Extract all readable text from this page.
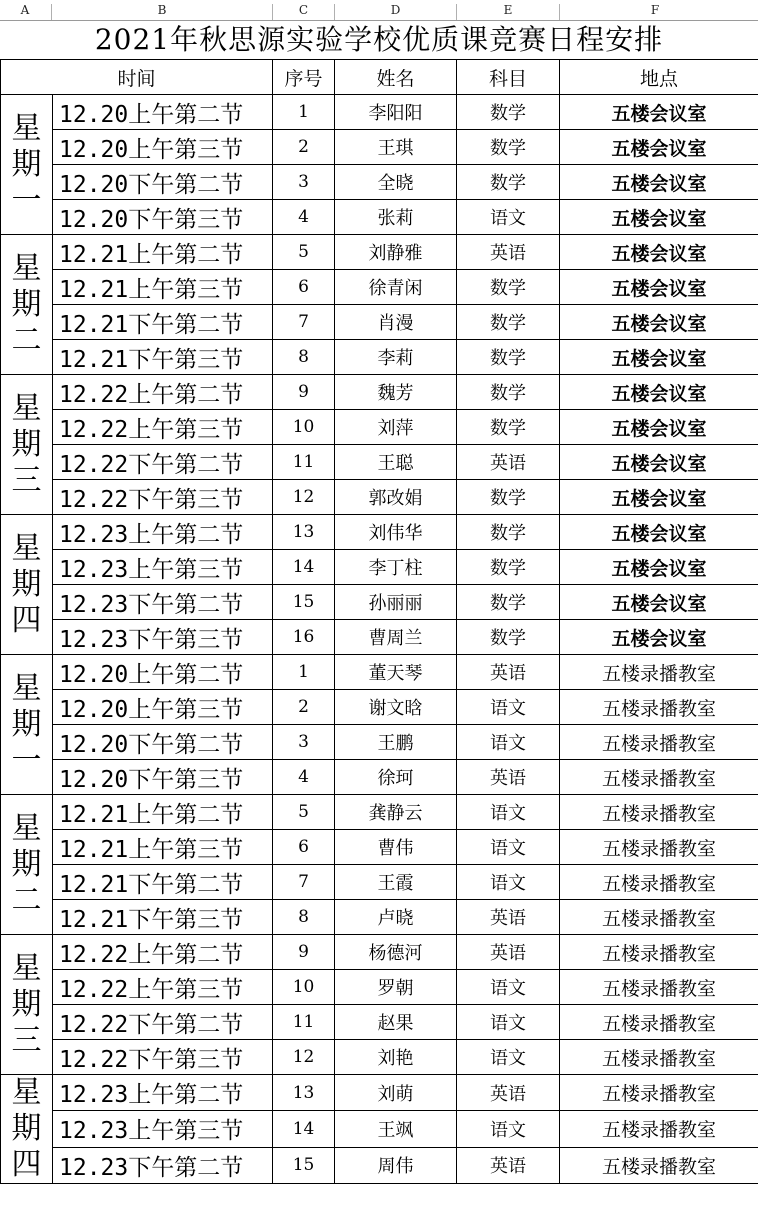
A	B	C	D	E	F
2021年秋思源实验学校优质课竞赛日程安排
时间		序号	姓名	科目	地点

星
期
一	12.20上午第二节	1	李阳阳	数学	五楼会议室
	12.20上午第三节	2	王琪	数学	五楼会议室
	12.20下午第二节	3	全晓	数学	五楼会议室
	12.20下午第三节	4	张莉	语文	五楼会议室

星
期
二	12.21上午第二节	5	刘静雅	英语	五楼会议室
	12.21上午第三节	6	徐青闲	数学	五楼会议室
	12.21下午第二节	7	肖漫	数学	五楼会议室
	12.21下午第三节	8	李莉	数学	五楼会议室

星
期
三	12.22上午第二节	9	魏芳	数学	五楼会议室
	12.22上午第三节	10	刘萍	数学	五楼会议室
	12.22下午第二节	11	王聪	英语	五楼会议室
	12.22下午第三节	12	郭改娟	数学	五楼会议室

星
期
四	12.23上午第二节	13	刘伟华	数学	五楼会议室
	12.23上午第三节	14	李丁柱	数学	五楼会议室
	12.23下午第二节	15	孙丽丽	数学	五楼会议室
	12.23下午第三节	16	曹周兰	数学	五楼会议室

星
期
一	12.20上午第二节	1	董天琴	英语	五楼录播教室
	12.20上午第三节	2	谢文晗	语文	五楼录播教室
	12.20下午第二节	3	王鹏	语文	五楼录播教室
	12.20下午第三节	4	徐珂	英语	五楼录播教室

星
期
二	12.21上午第二节	5	龚静云	语文	五楼录播教室
	12.21上午第三节	6	曹伟	语文	五楼录播教室
	12.21下午第二节	7	王霞	语文	五楼录播教室
	12.21下午第三节	8	卢晓	英语	五楼录播教室

星
期
三	12.22上午第二节	9	杨德河	英语	五楼录播教室
	12.22上午第三节	10	罗朝	语文	五楼录播教室
	12.22下午第二节	11	赵果	语文	五楼录播教室
	12.22下午第三节	12	刘艳	语文	五楼录播教室

星
期
四	12.23上午第二节	13	刘萌	英语	五楼录播教室
	12.23上午第三节	14	王飒	语文	五楼录播教室
	12.23下午第二节	15	周伟	英语	五楼录播教室
